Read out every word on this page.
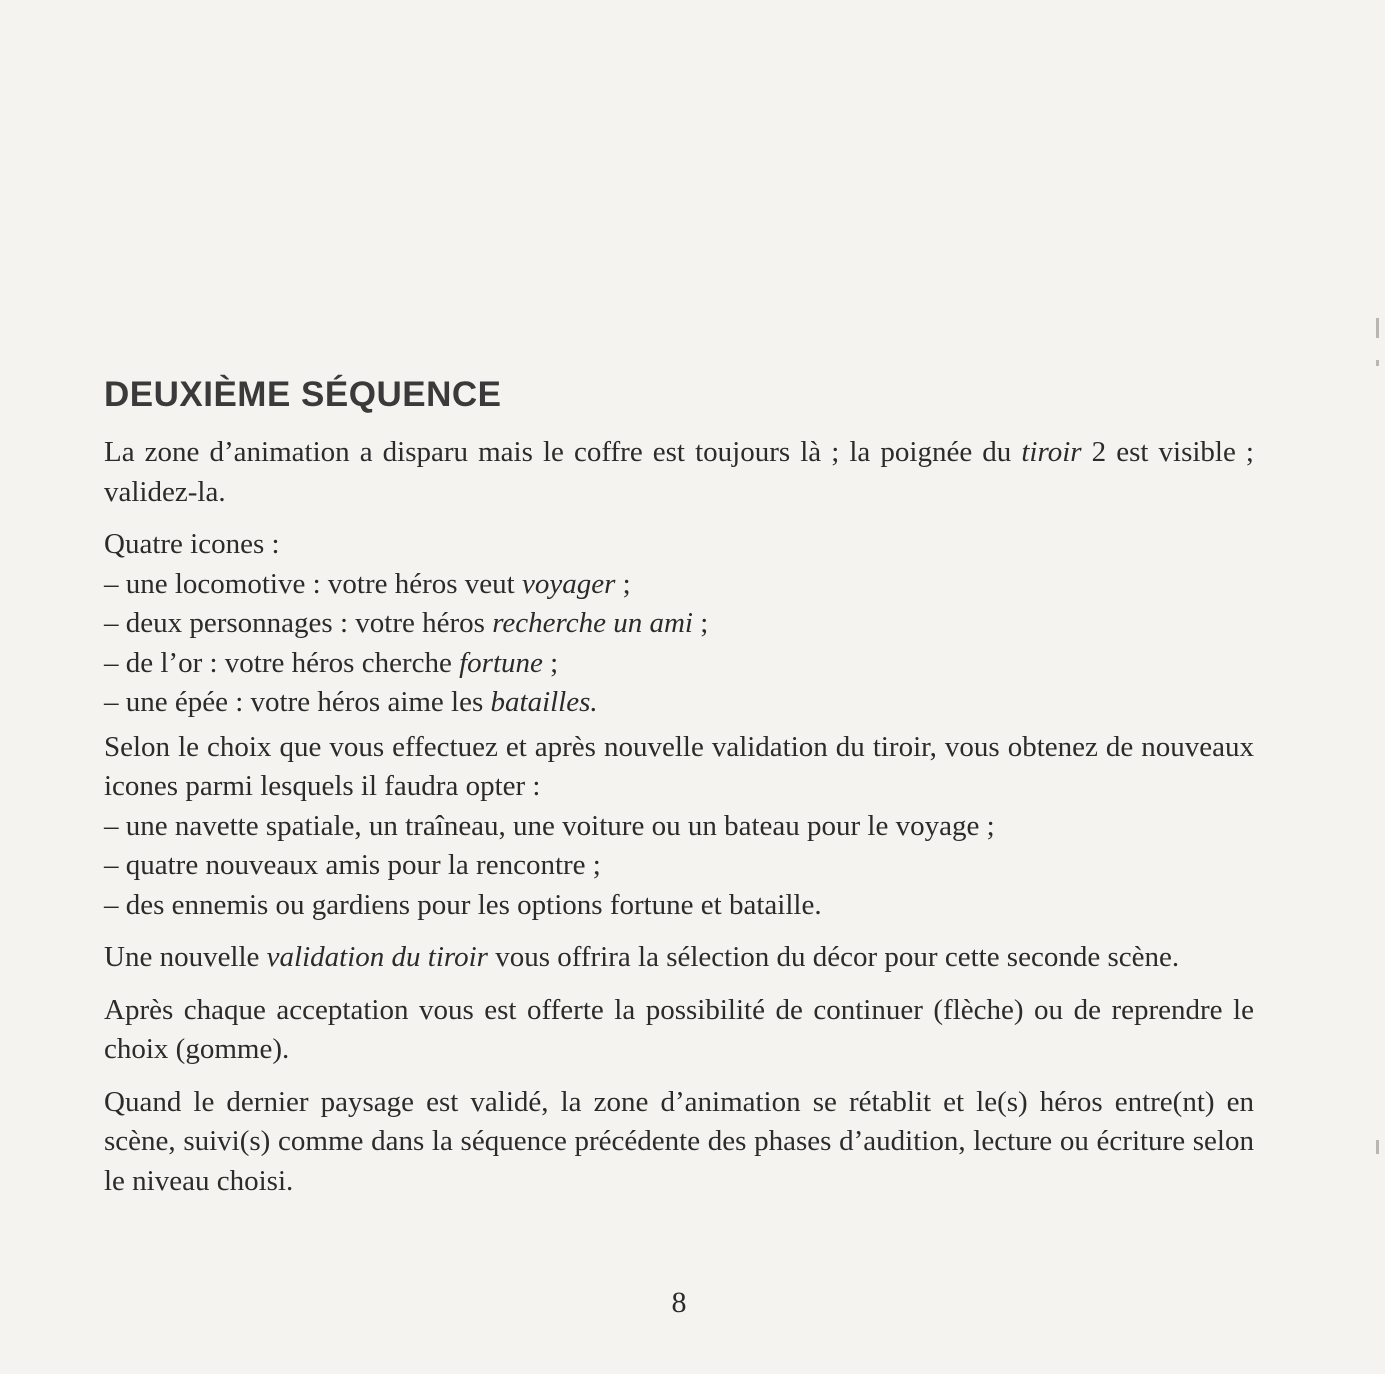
DEUXIÈME SÉQUENCE

La zone d’animation a disparu mais le coffre est toujours là ; la poignée du tiroir 2 est visible ; validez-la.

Quatre icones :
– une locomotive : votre héros veut voyager ;
– deux personnages : votre héros recherche un ami ;
– de l’or : votre héros cherche fortune ;
– une épée : votre héros aime les batailles.

Selon le choix que vous effectuez et après nouvelle validation du tiroir, vous obtenez de nouveaux icones parmi lesquels il faudra opter :
– une navette spatiale, un traîneau, une voiture ou un bateau pour le voyage ;
– quatre nouveaux amis pour la rencontre ;
– des ennemis ou gardiens pour les options fortune et bataille.

Une nouvelle validation du tiroir vous offrira la sélection du décor pour cette seconde scène.

Après chaque acceptation vous est offerte la possibilité de continuer (flèche) ou de reprendre le choix (gomme).

Quand le dernier paysage est validé, la zone d’animation se rétablit et le(s) héros entre(nt) en scène, suivi(s) comme dans la séquence précédente des phases d’audition, lecture ou écriture selon le niveau choisi.

8
